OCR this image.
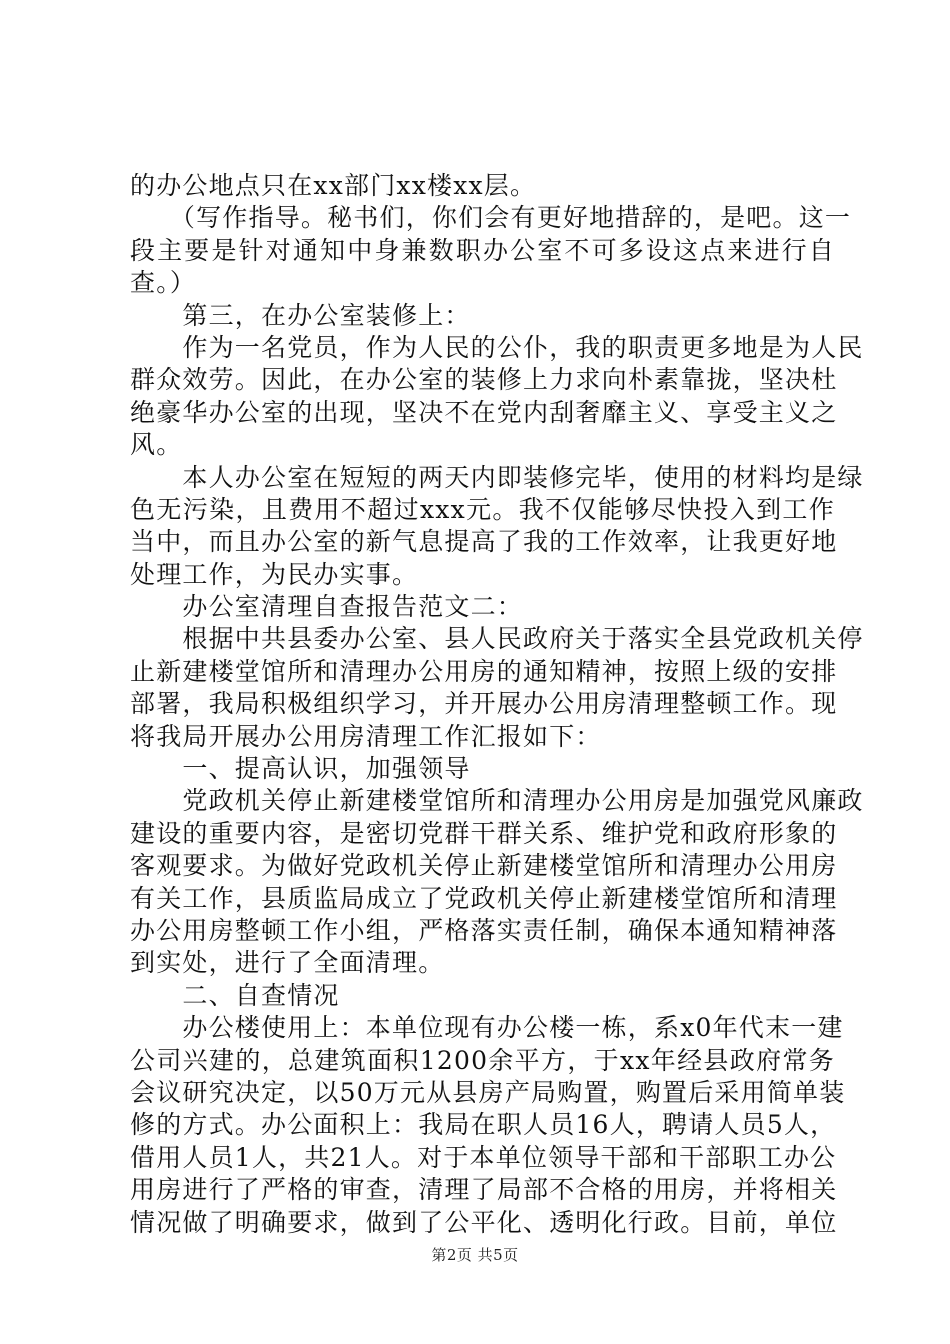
的办公地点只在xx部门xx楼xx层。
　　（写作指导。秘书们，你们会有更好地措辞的，是吧。这一
段主要是针对通知中身兼数职办公室不可多设这点来进行自
查。）
　　第三，在办公室装修上：
　　作为一名党员，作为人民的公仆，我的职责更多地是为人民
群众效劳。因此，在办公室的装修上力求向朴素靠拢，坚决杜
绝豪华办公室的出现，坚决不在党内刮奢靡主义、享受主义之
风。
　　本人办公室在短短的两天内即装修完毕，使用的材料均是绿
色无污染，且费用不超过xxx元。我不仅能够尽快投入到工作
当中，而且办公室的新气息提高了我的工作效率，让我更好地
处理工作，为民办实事。
　　办公室清理自查报告范文二：
　　根据中共县委办公室、县人民政府关于落实全县党政机关停
止新建楼堂馆所和清理办公用房的通知精神，按照上级的安排
部署，我局积极组织学习，并开展办公用房清理整顿工作。现
将我局开展办公用房清理工作汇报如下：
　　一、提高认识，加强领导
　　党政机关停止新建楼堂馆所和清理办公用房是加强党风廉政
建设的重要内容，是密切党群干群关系、维护党和政府形象的
客观要求。为做好党政机关停止新建楼堂馆所和清理办公用房
有关工作，县质监局成立了党政机关停止新建楼堂馆所和清理
办公用房整顿工作小组，严格落实责任制，确保本通知精神落
到实处，进行了全面清理。
　　二、自查情况
　　办公楼使用上：本单位现有办公楼一栋，系x0年代末一建
公司兴建的，总建筑面积1200余平方，于xx年经县政府常务
会议研究决定，以50万元从县房产局购置，购置后采用简单装
修的方式。办公面积上：我局在职人员16人，聘请人员5人，
借用人员1人，共21人。对于本单位领导干部和干部职工办公
用房进行了严格的审查，清理了局部不合格的用房，并将相关
情况做了明确要求，做到了公平化、透明化行政。目前，单位
第2页 共5页
